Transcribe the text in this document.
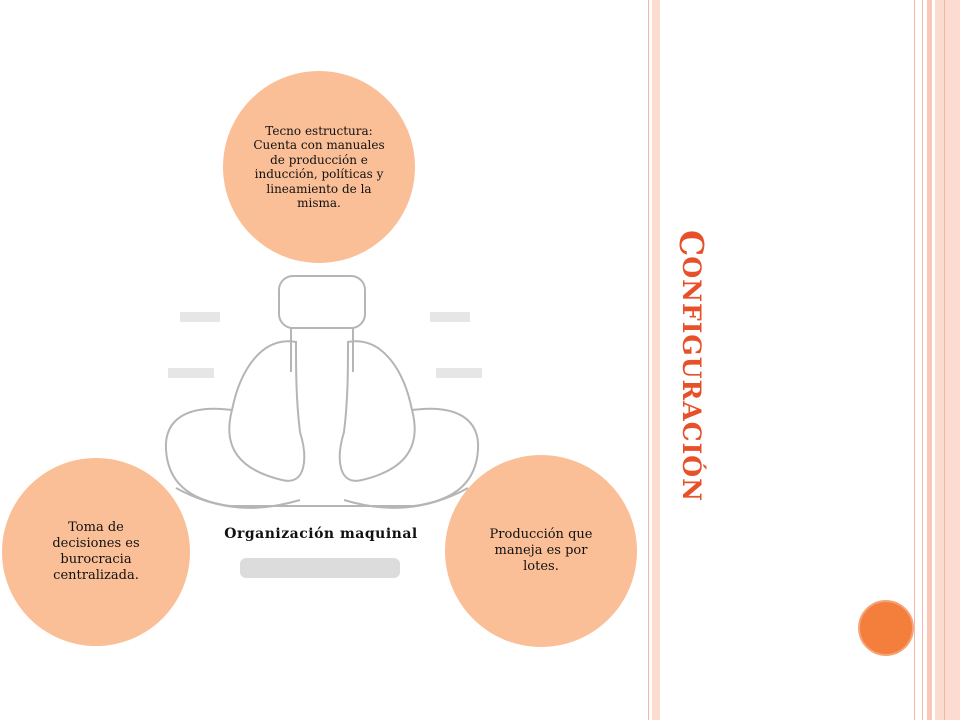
Tecno estructura: Cuenta con manuales de producción e inducción, políticas y lineamiento de la misma.
Toma de decisiones es burocracia centralizada.
Producción que maneja es por lotes.
Organización maquinal
C
ONFIGURACIÓN
